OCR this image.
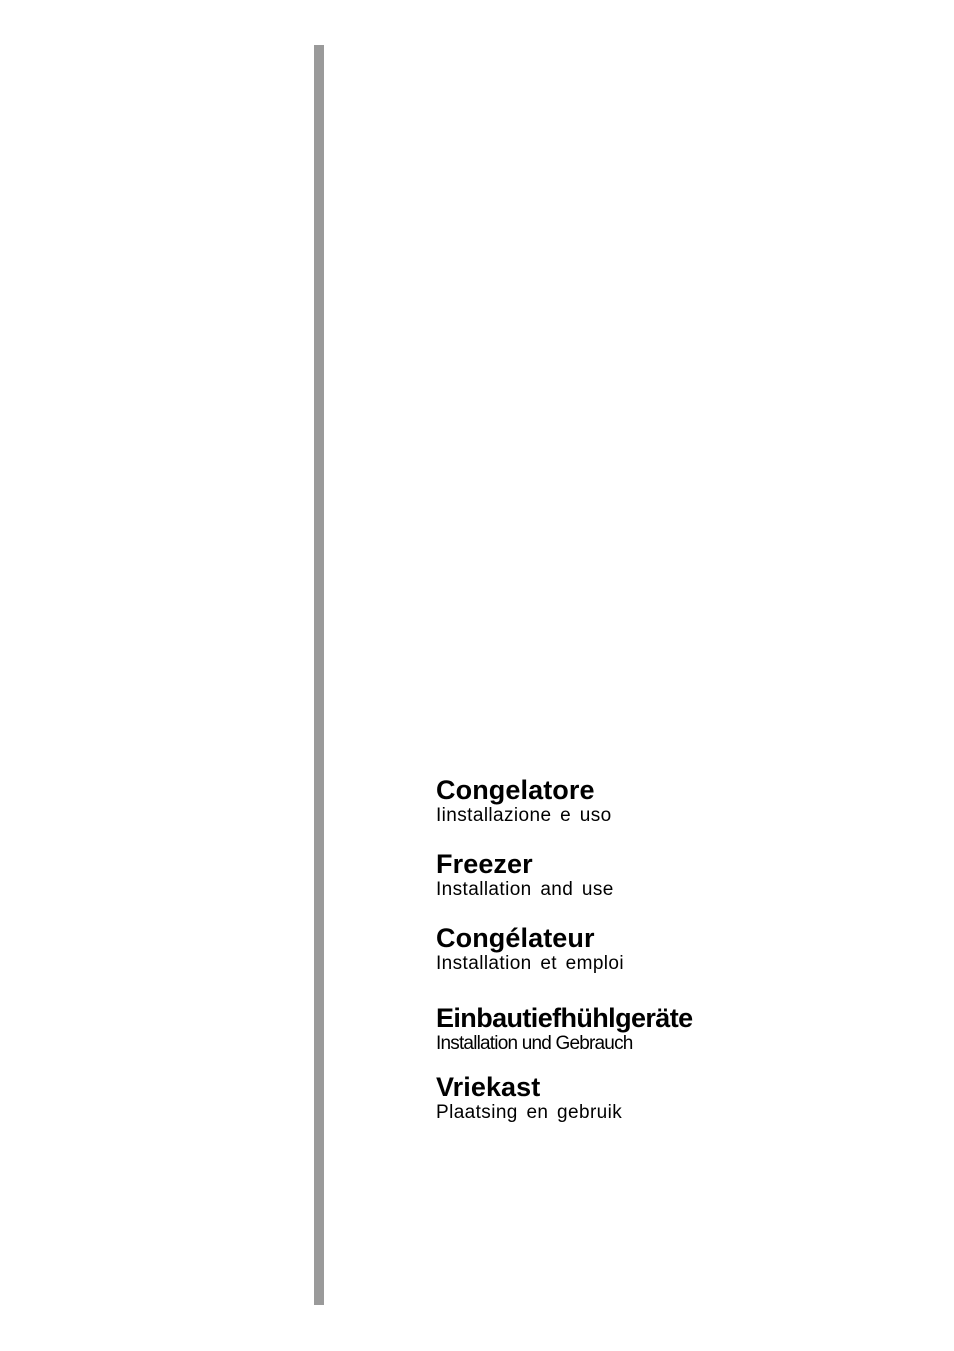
Congelatore
Iinstallazione e uso
Freezer
Installation and use
Congélateur
Installation et emploi
Einbautiefhühlgeräte
Installation und Gebrauch
Vriekast
Plaatsing en gebruik
